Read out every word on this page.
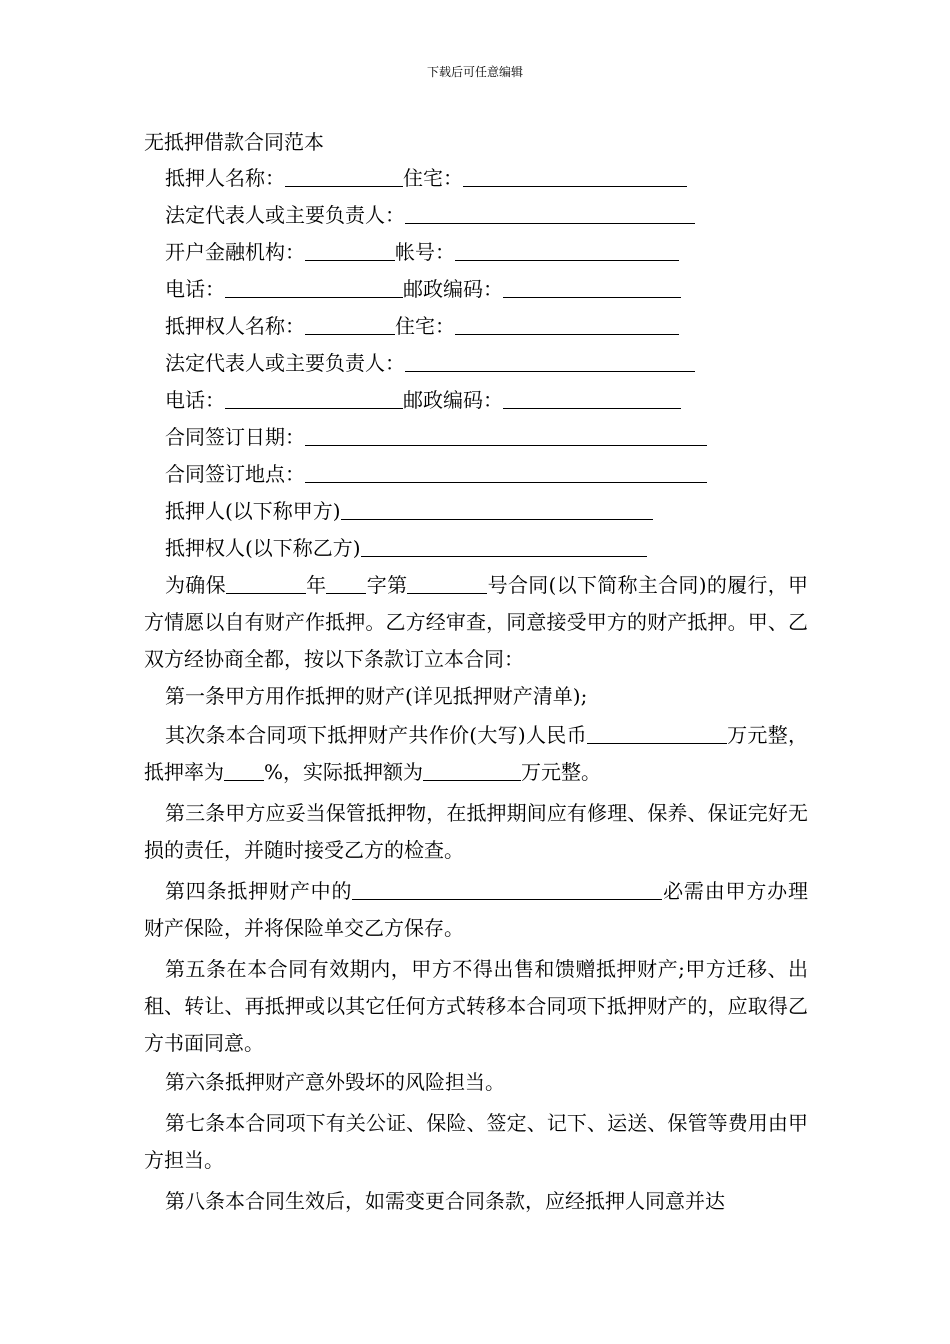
下载后可任意编辑
无抵押借款合同范本
抵押人名称：	住宅：
法定代表人或主要负责人：
开户金融机构：	帐号：
电话：	邮政编码：
抵押权人名称：	住宅：
法定代表人或主要负责人：
电话：	邮政编码：
合同签订日期：
合同签订地点：
抵押人(以下称甲方)
抵押权人(以下称乙方)

为确保	年 字第	号合同(以下简称主合同)的履行，甲方情愿以自有财产作抵押。乙方经审查，同意接受甲方的财产抵押。甲、乙双方经协商全都，按以下条款订立本合同：

第一条甲方用作抵押的财产(详见抵押财产清单);

其次条本合同项下抵押财产共作价(大写)人民币	万元整，抵押率为 %，实际抵押额为	万元整。

第三条甲方应妥当保管抵押物，在抵押期间应有修理、保养、保证完好无损的责任，并随时接受乙方的检查。

第四条抵押财产中的	必需由甲方办理财产保险，并将保险单交乙方保存。

第五条在本合同有效期内，甲方不得出售和馈赠抵押财产;甲方迁移、出租、转让、再抵押或以其它任何方式转移本合同项下抵押财产的，应取得乙方书面同意。

第六条抵押财产意外毁坏的风险担当。

第七条本合同项下有关公证、保险、签定、记下、运送、保管等费用由甲方担当。

第八条本合同生效后，如需变更合同条款，应经抵押人同意并达
